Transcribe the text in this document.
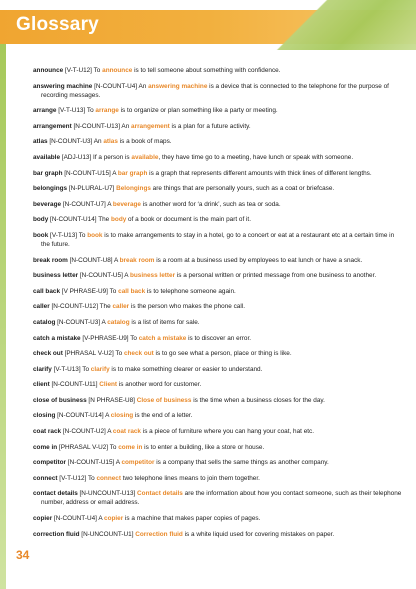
Glossary

announce [V-T-U12] To announce is to tell someone about something with confidence.

answering machine [N-COUNT-U4] An answering machine is a device that is connected to the telephone for the purpose of recording messages.

arrange [V-T-U13] To arrange is to organize or plan something like a party or meeting.

arrangement [N-COUNT-U13] An arrangement is a plan for a future activity.

atlas [N-COUNT-U3] An atlas is a book of maps.

available [ADJ-U13] If a person is available, they have time go to a meeting, have lunch or speak with someone.

bar graph [N-COUNT-U15] A bar graph is a graph that represents different amounts with thick lines of different lengths.

belongings [N-PLURAL-U7] Belongings are things that are personally yours, such as a coat or briefcase.

beverage [N-COUNT-U7] A beverage is another word for ‘a drink’, such as tea or soda.

body [N-COUNT-U14] The body of a book or document is the main part of it.

book [V-T-U13] To book is to make arrangements to stay in a hotel, go to a concert or eat at a restaurant etc at a certain time in the future.

break room [N-COUNT-U8] A break room is a room at a business used by employees to eat lunch or have a snack.

business letter [N-COUNT-U5] A business letter is a personal written or printed message from one business to another.

call back [V PHRASE-U9] To call back is to telephone someone again.

caller [N-COUNT-U12] The caller is the person who makes the phone call.

catalog [N-COUNT-U3] A catalog is a list of items for sale.

catch a mistake [V-PHRASE-U9] To catch a mistake is to discover an error.

check out [PHRASAL V-U2] To check out is to go see what a person, place or thing is like.

clarify [V-T-U13] To clarify is to make something clearer or easier to understand.

client [N-COUNT-U11] Client is another word for customer.

close of business [N PHRASE-U8] Close of business is the time when a business closes for the day.

closing [N-COUNT-U14] A closing is the end of a letter.

coat rack [N-COUNT-U2] A coat rack is a piece of furniture where you can hang your coat, hat etc.

come in [PHRASAL V-U2] To come in is to enter a building, like a store or house.

competitor [N-COUNT-U15] A competitor is a company that sells the same things as another company.

connect [V-T-U12] To connect two telephone lines means to join them together.

contact details [N-UNCOUNT-U13] Contact details are the information about how you contact someone, such as their telephone number, address or email address.

copier [N-COUNT-U4] A copier is a machine that makes paper copies of pages.

correction fluid [N-UNCOUNT-U1] Correction fluid is a white liquid used for covering mistakes on paper.

34
